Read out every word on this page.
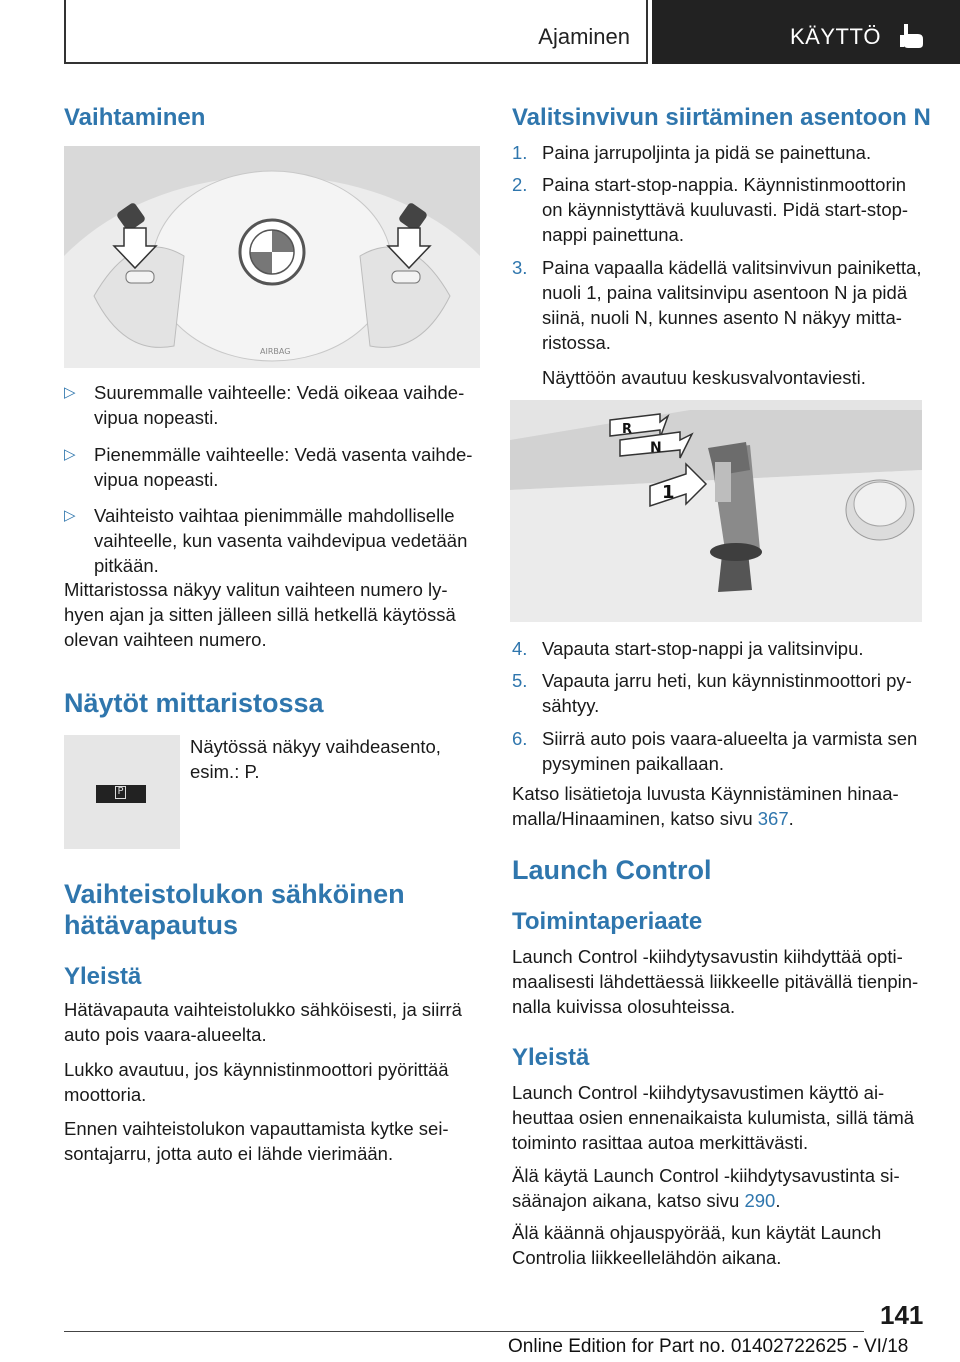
Ajaminen	KÄYTTÖ
Vaihtaminen
AIRBAG
▷ Suuremmalle vaihteelle: Vedä oikeaa vaihde-
vipua nopeasti.
▷ Pienemmälle vaihteelle: Vedä vasenta vaihde-
vipua nopeasti.
▷ Vaihteisto vaihtaa pienimmälle mahdolliselle
vaihteelle, kun vasenta vaihdevipua vedetään
pitkään.

Mittaristossa näkyy valitun vaihteen numero ly-

hyen ajan ja sitten jälleen sillä hetkellä käytössä

olevan vaihteen numero.

Näytöt mittaristossa
P

Näytössä näkyy vaihdeasento,

esim.: P.

Vaihteistolukon sähköinen
hätävapautus
Yleistä

Hätävapauta vaihteistolukko sähköisesti, ja siirrä

auto pois vaara-alueelta.

Lukko avautuu, jos käynnistinmoottori pyörittää

moottoria.

Ennen vaihteistolukon vapauttamista kytke sei-

sontajarru, jotta auto ei lähde vierimään.

Valitsinvivun siirtäminen asentoon N
1. Paina jarrupoljinta ja pidä se painettuna.
2. Paina start-stop-nappia. Käynnistinmoottorin
on käynnistyttävä kuuluvasti. Pidä start-stop-
nappi painettuna.
3. Paina vapaalla kädellä valitsinvivun painiketta,
nuoli 1, paina valitsinvipu asentoon N ja pidä
siinä, nuoli N, kunnes asento N näkyy mitta-
ristossa.
Näyttöön avautuu keskusvalvontaviesti.
R
N
1
4. Vapauta start-stop-nappi ja valitsinvipu.
5. Vapauta jarru heti, kun käynnistinmoottori py-
sähtyy.
6. Siirrä auto pois vaara-alueelta ja varmista sen
pysyminen paikallaan.

Katso lisätietoja luvusta Käynnistäminen hinaa-

malla/Hinaaminen, katso sivu 367.

Launch Control
Toimintaperiaate

Launch Control -kiihdytysavustin kiihdyttää opti-

maalisesti lähdettäessä liikkeelle pitävällä tienpin-

nalla kuivissa olosuhteissa.

Yleistä

Launch Control -kiihdytysavustimen käyttö ai-

heuttaa osien ennenaikaista kulumista, sillä tämä

toiminto rasittaa autoa merkittävästi.

Älä käytä Launch Control -kiihdytysavustinta si-

säänajon aikana, katso sivu 290.

Älä käännä ohjauspyörää, kun käytät Launch

Controlia liikkeellelähdön aikana.

141
Online Edition for Part no. 01402722625 - VI/18
